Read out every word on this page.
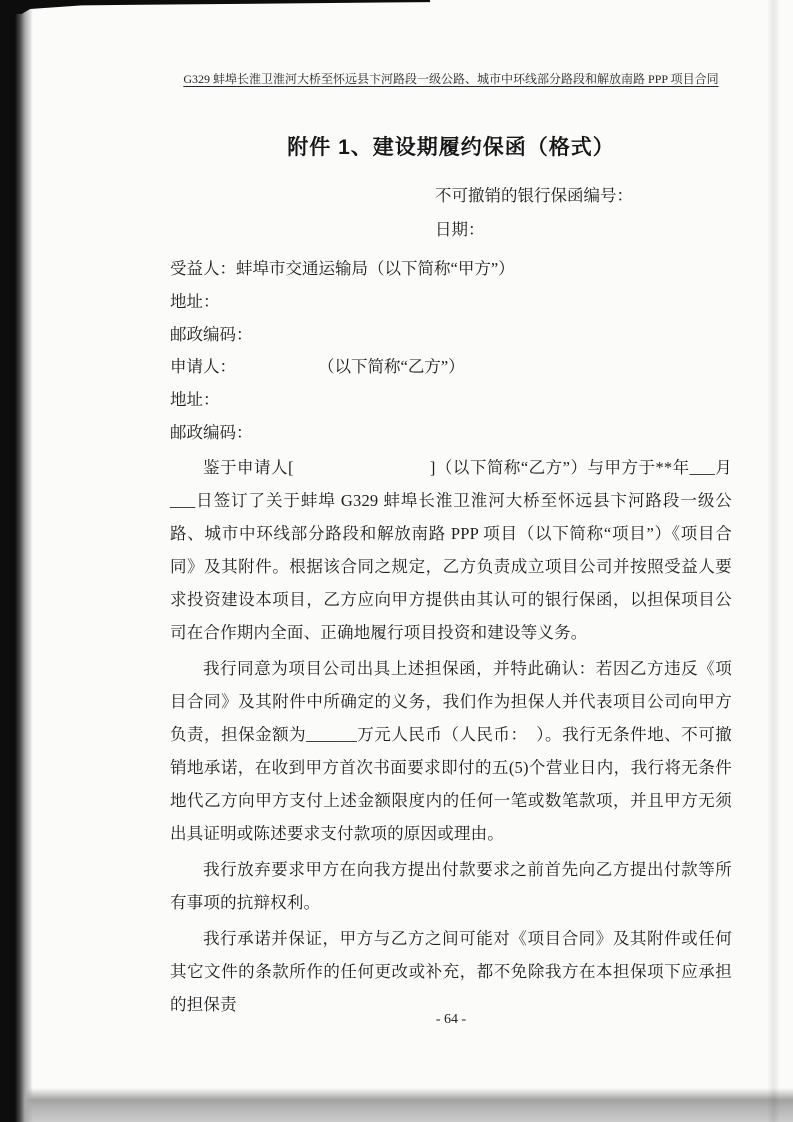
G329 蚌埠长淮卫淮河大桥至怀远县卞河路段一级公路、城市中环线部分路段和解放南路 PPP 项目合同
附件 1、建设期履约保函（格式）
不可撤销的银行保函编号：
日期：
受益人：蚌埠市交通运输局（以下简称“甲方”）
地址：
邮政编码：
申请人：	（以下简称“乙方”）
地址：
邮政编码：

鉴于申请人[　　　　　　　　]（以下简称“乙方”）与甲方于**年___月___日签订了关于蚌埠 G329 蚌埠长淮卫淮河大桥至怀远县卞河路段一级公路、城市中环线部分路段和解放南路 PPP 项目（以下简称“项目”）《项目合同》及其附件。根据该合同之规定，乙方负责成立项目公司并按照受益人要求投资建设本项目，乙方应向甲方提供由其认可的银行保函，以担保项目公司在合作期内全面、正确地履行项目投资和建设等义务。

我行同意为项目公司出具上述担保函，并特此确认：若因乙方违反《项目合同》及其附件中所确定的义务，我们作为担保人并代表项目公司向甲方负责，担保金额为______万元人民币（人民币：　）。我行无条件地、不可撤销地承诺，在收到甲方首次书面要求即付的五(5)个营业日内，我行将无条件地代乙方向甲方支付上述金额限度内的任何一笔或数笔款项，并且甲方无须出具证明或陈述要求支付款项的原因或理由。

我行放弃要求甲方在向我方提出付款要求之前首先向乙方提出付款等所有事项的抗辩权利。

我行承诺并保证，甲方与乙方之间可能对《项目合同》及其附件或任何其它文件的条款所作的任何更改或补充，都不免除我方在本担保项下应承担的担保责

- 64 -
